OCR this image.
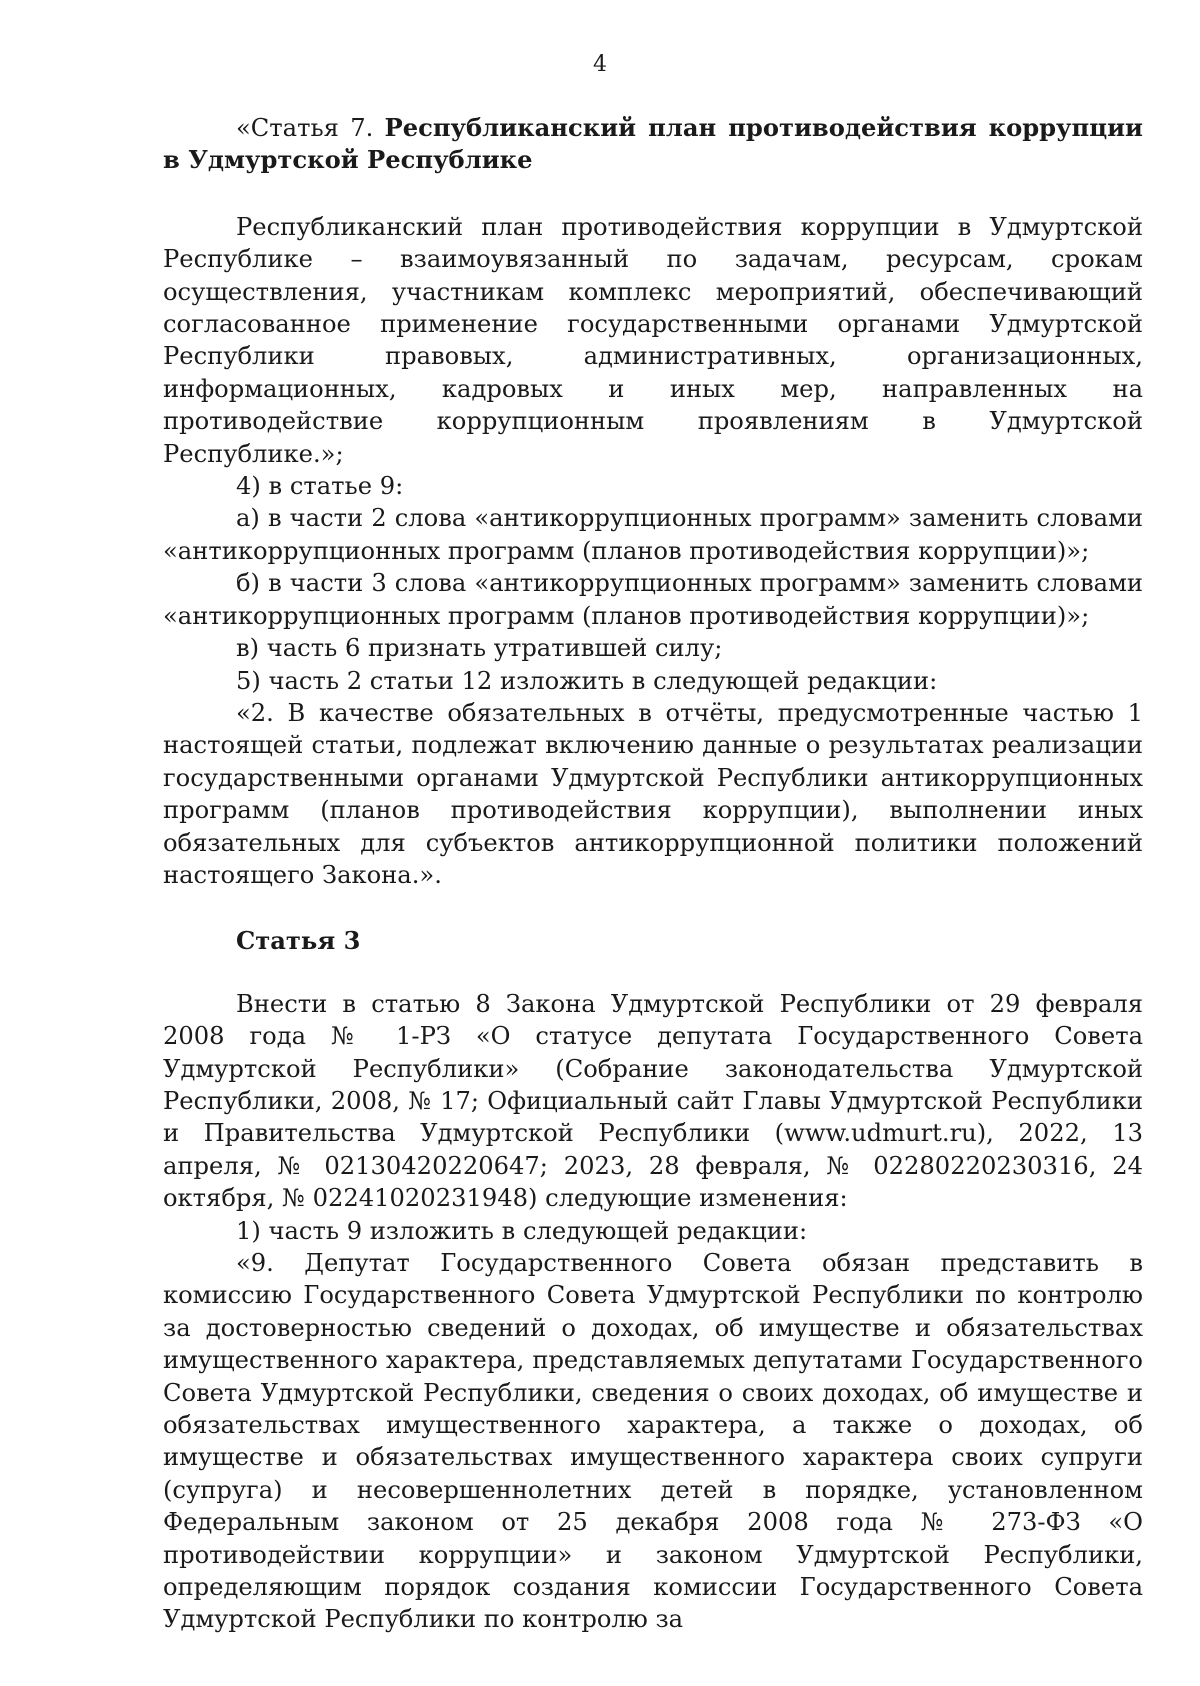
4

«Статья 7. Республиканский план противодействия коррупции в Удмуртской Республике

Республиканский план противодействия коррупции в Удмуртской Республике – взаимоувязанный по задачам, ресурсам, срокам осуществления, участникам комплекс мероприятий, обеспечивающий согласованное применение государственными органами Удмуртской Республики правовых, административных, организационных, информационных, кадровых и иных мер, направленных на противодействие коррупционным проявлениям в Удмуртской Республике.»;

4) в статье 9:

а) в части 2 слова «антикоррупционных программ» заменить словами «антикоррупционных программ (планов противодействия коррупции)»;

б) в части 3 слова «антикоррупционных программ» заменить словами «антикоррупционных программ (планов противодействия коррупции)»;

в) часть 6 признать утратившей силу;

5) часть 2 статьи 12 изложить в следующей редакции:

«2. В качестве обязательных в отчёты, предусмотренные частью 1 настоящей статьи, подлежат включению данные о результатах реализации государственными органами Удмуртской Республики антикоррупционных программ (планов противодействия коррупции), выполнении иных обязательных для субъектов антикоррупционной политики положений настоящего Закона.».

Статья 3

Внести в статью 8 Закона Удмуртской Республики от 29 февраля 2008 года № 1-РЗ «О статусе депутата Государственного Совета Удмуртской Республики» (Собрание законодательства Удмуртской Республики, 2008, № 17; Официальный сайт Главы Удмуртской Республики и Правительства Удмуртской Республики (www.udmurt.ru), 2022, 13 апреля, № 02130420220647; 2023, 28 февраля, № 02280220230316, 24 октября, № 02241020231948) следующие изменения:

1) часть 9 изложить в следующей редакции:

«9. Депутат Государственного Совета обязан представить в комиссию Государственного Совета Удмуртской Республики по контролю за достоверностью сведений о доходах, об имуществе и обязательствах имущественного характера, представляемых депутатами Государственного Совета Удмуртской Республики, сведения о своих доходах, об имуществе и обязательствах имущественного характера, а также о доходах, об имуществе и обязательствах имущественного характера своих супруги (супруга) и несовершеннолетних детей в порядке, установленном Федеральным законом от 25 декабря 2008 года № 273-ФЗ «О противодействии коррупции» и законом Удмуртской Республики, определяющим порядок создания комиссии Государственного Совета Удмуртской Республики по контролю за
